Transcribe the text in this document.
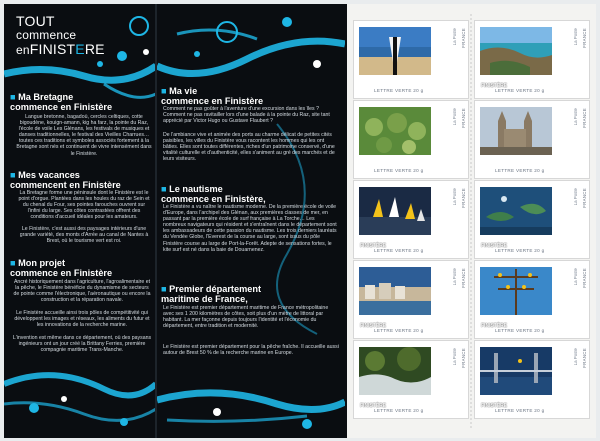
TOUT
commence
enFINISTERE
■ Ma Bretagne
commence en Finistère
Langue bretonne, bagadoù, cercles celtiques, cotte bigoudène, kouign-amann, kig ha farz, la pointe du Raz, l'école de voile Les Glénans, les festivals de musiques et danses traditionnelles, le festival des Vieilles Charrues… toutes ces traditions et symboles associés fortement à la Bretagne sont nés et continuent de vivre intensément dans le Finistère.
■ Mes vacances
commencent en Finistère
La Bretagne forme une péninsule dont le Finistère est le point d'orgue. Plantées dans les houles du raz de Sein et du chenal du Four, ses pointes farouches ouvrent sur l'infini du large. Ses côtes contrastées offrent des conditions d'accueil idéales pour les amateurs.
Le Finistère, c'est aussi des paysages intérieurs d'une grande variété, des monts d'Arrée au canal de Nantes à Brest, où le tourisme vert est roi.
■ Mon projet
commence en Finistère
Ancré historiquement dans l'agriculture, l'agroalimentaire et la pêche, le Finistère bénéficie du dynamisme de secteurs de pointe comme l'électronique, l'aéronautique ou encore la construction et la réparation navale.
Le Finistère accueille ainsi trois pôles de compétitivité qui développent les images et réseaux, les aliments du futur et les innovations de la recherche marine.
L'invention est même dans ce département, où des paysans ingénieurs ont un jour créé la Brittany Ferries, première compagnie maritime Trans-Manche.
■ Ma vie
commence en Finistère
Comment ne pas goûter à l'aventure d'une excursion dans les îles ? Comment ne pas ravitailler lors d'une balade à la pointe du Raz, site tant apprécié par Victor Hugo ou Gustave Flaubert ?
De l'ambiance vive et animée des ports au charme délicat de petites cités paisibles, les villes du Finistère vous racontent les hommes qui les ont bâties. Elles sont toutes différentes, riches d'un patrimoine conservé, d'une vitalité culturelle et d'authenticité, elles s'animent au gré des marchés et de leurs visiteurs.
■ Le nautisme
commence en Finistère,
Le Finistère a vu naître le nautisme moderne. De la première école de voile d'Europe, dans l'archipel des Glénan, aux premières classes de mer, en passant par la première école de surf française à La Torche… Les nombreux navigateurs qui résident et s'entraînent dans le département sont les ambassadeurs de cette passion du nautisme. Les trois derniers lauréats du Vendée Globe, l'Everest de la course au large, sont issus du pôle Finistère course au large de Port-la-Forêt. Adepte de sensations fortes, le kite surf est né dans la baie de Douarnenez.
■ Premier département
maritime de France,
Le Finistère est premier département maritime de France métropolitaine avec ses 1 200 kilomètres de côtes, soit plus d'un mètre de littoral par habitant. La mer façonne depuis toujours l'identité et l'économie du département, entre tradition et modernité.
Le Finistère est premier département pour la pêche fraîche. Il accueille aussi autour de Brest 50 % de la recherche marine en Europe.
FRANCE
La Poste
LETTRE VERTE 20 g
FINISTÈRE
FRANCE
La Poste
LETTRE VERTE 20 g
FRANCE
La Poste
LETTRE VERTE 20 g
FRANCE
La Poste
LETTRE VERTE 20 g
FINISTÈRE
FRANCE
La Poste
LETTRE VERTE 20 g
FINISTÈRE
FRANCE
La Poste
LETTRE VERTE 20 g
FINISTÈRE
FRANCE
La Poste
LETTRE VERTE 20 g
FINISTÈRE
FRANCE
La Poste
LETTRE VERTE 20 g
FINISTÈRE
FRANCE
La Poste
LETTRE VERTE 20 g
FINISTÈRE
FRANCE
La Poste
LETTRE VERTE 20 g
